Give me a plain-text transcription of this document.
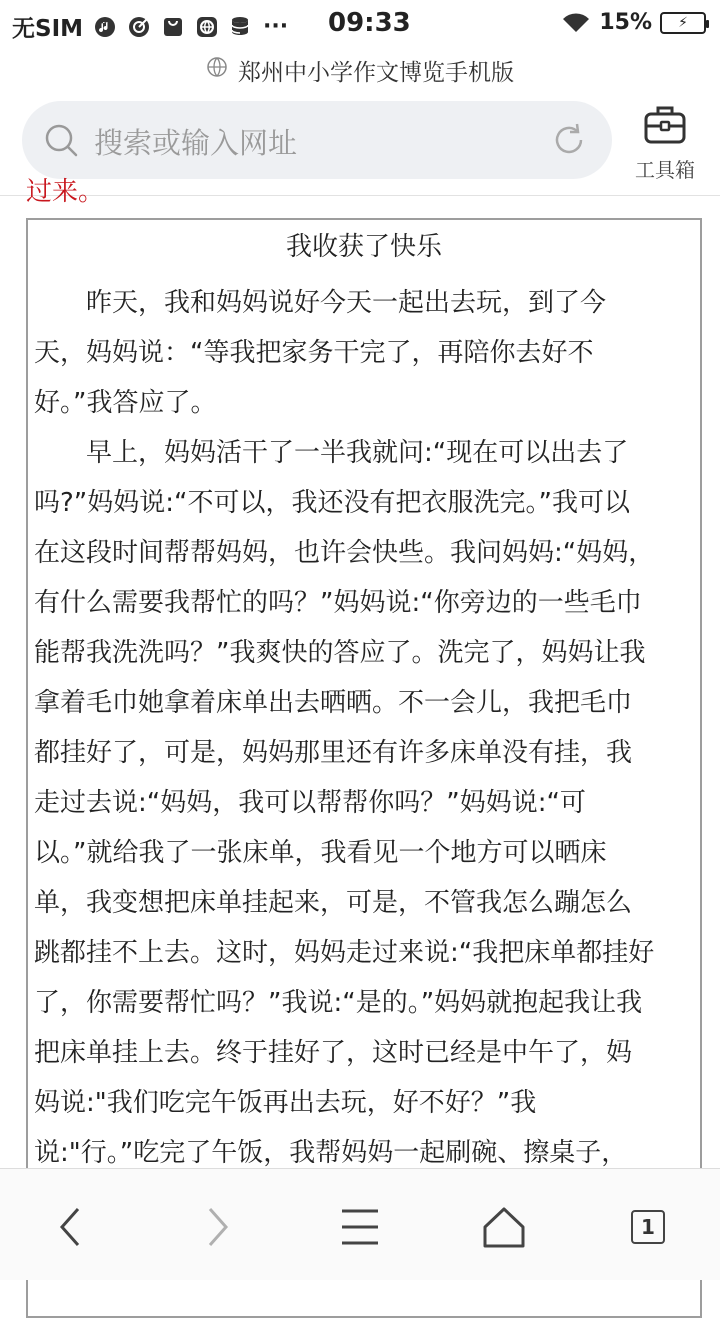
无SIM	··· 09:33	15%	⚡
郑州中小学作文博览手机版
搜索或输入网址
工具箱
过来。
我收获了快乐
昨天，我和妈妈说好今天一起出去玩，到了今
天，妈妈说：“等我把家务干完了，再陪你去好不
好。”我答应了。
早上，妈妈活干了一半我就问:“现在可以出去了
吗?”妈妈说:“不可以，我还没有把衣服洗完。”我可以
在这段时间帮帮妈妈，也许会快些。我问妈妈:“妈妈，
有什么需要我帮忙的吗？”妈妈说:“你旁边的一些毛巾
能帮我洗洗吗？”我爽快的答应了。洗完了，妈妈让我
拿着毛巾她拿着床单出去晒晒。不一会儿，我把毛巾
都挂好了，可是，妈妈那里还有许多床单没有挂，我
走过去说:“妈妈，我可以帮帮你吗？”妈妈说:“可
以。”就给我了一张床单，我看见一个地方可以晒床
单，我变想把床单挂起来，可是，不管我怎么蹦怎么
跳都挂不上去。这时，妈妈走过来说:“我把床单都挂好
了，你需要帮忙吗？”我说:“是的。”妈妈就抱起我让我
把床单挂上去。终于挂好了，这时已经是中午了，妈
妈说:"我们吃完午饭再出去玩，好不好？”我
说:"行。”吃完了午饭，我帮妈妈一起刷碗、擦桌子，
1
